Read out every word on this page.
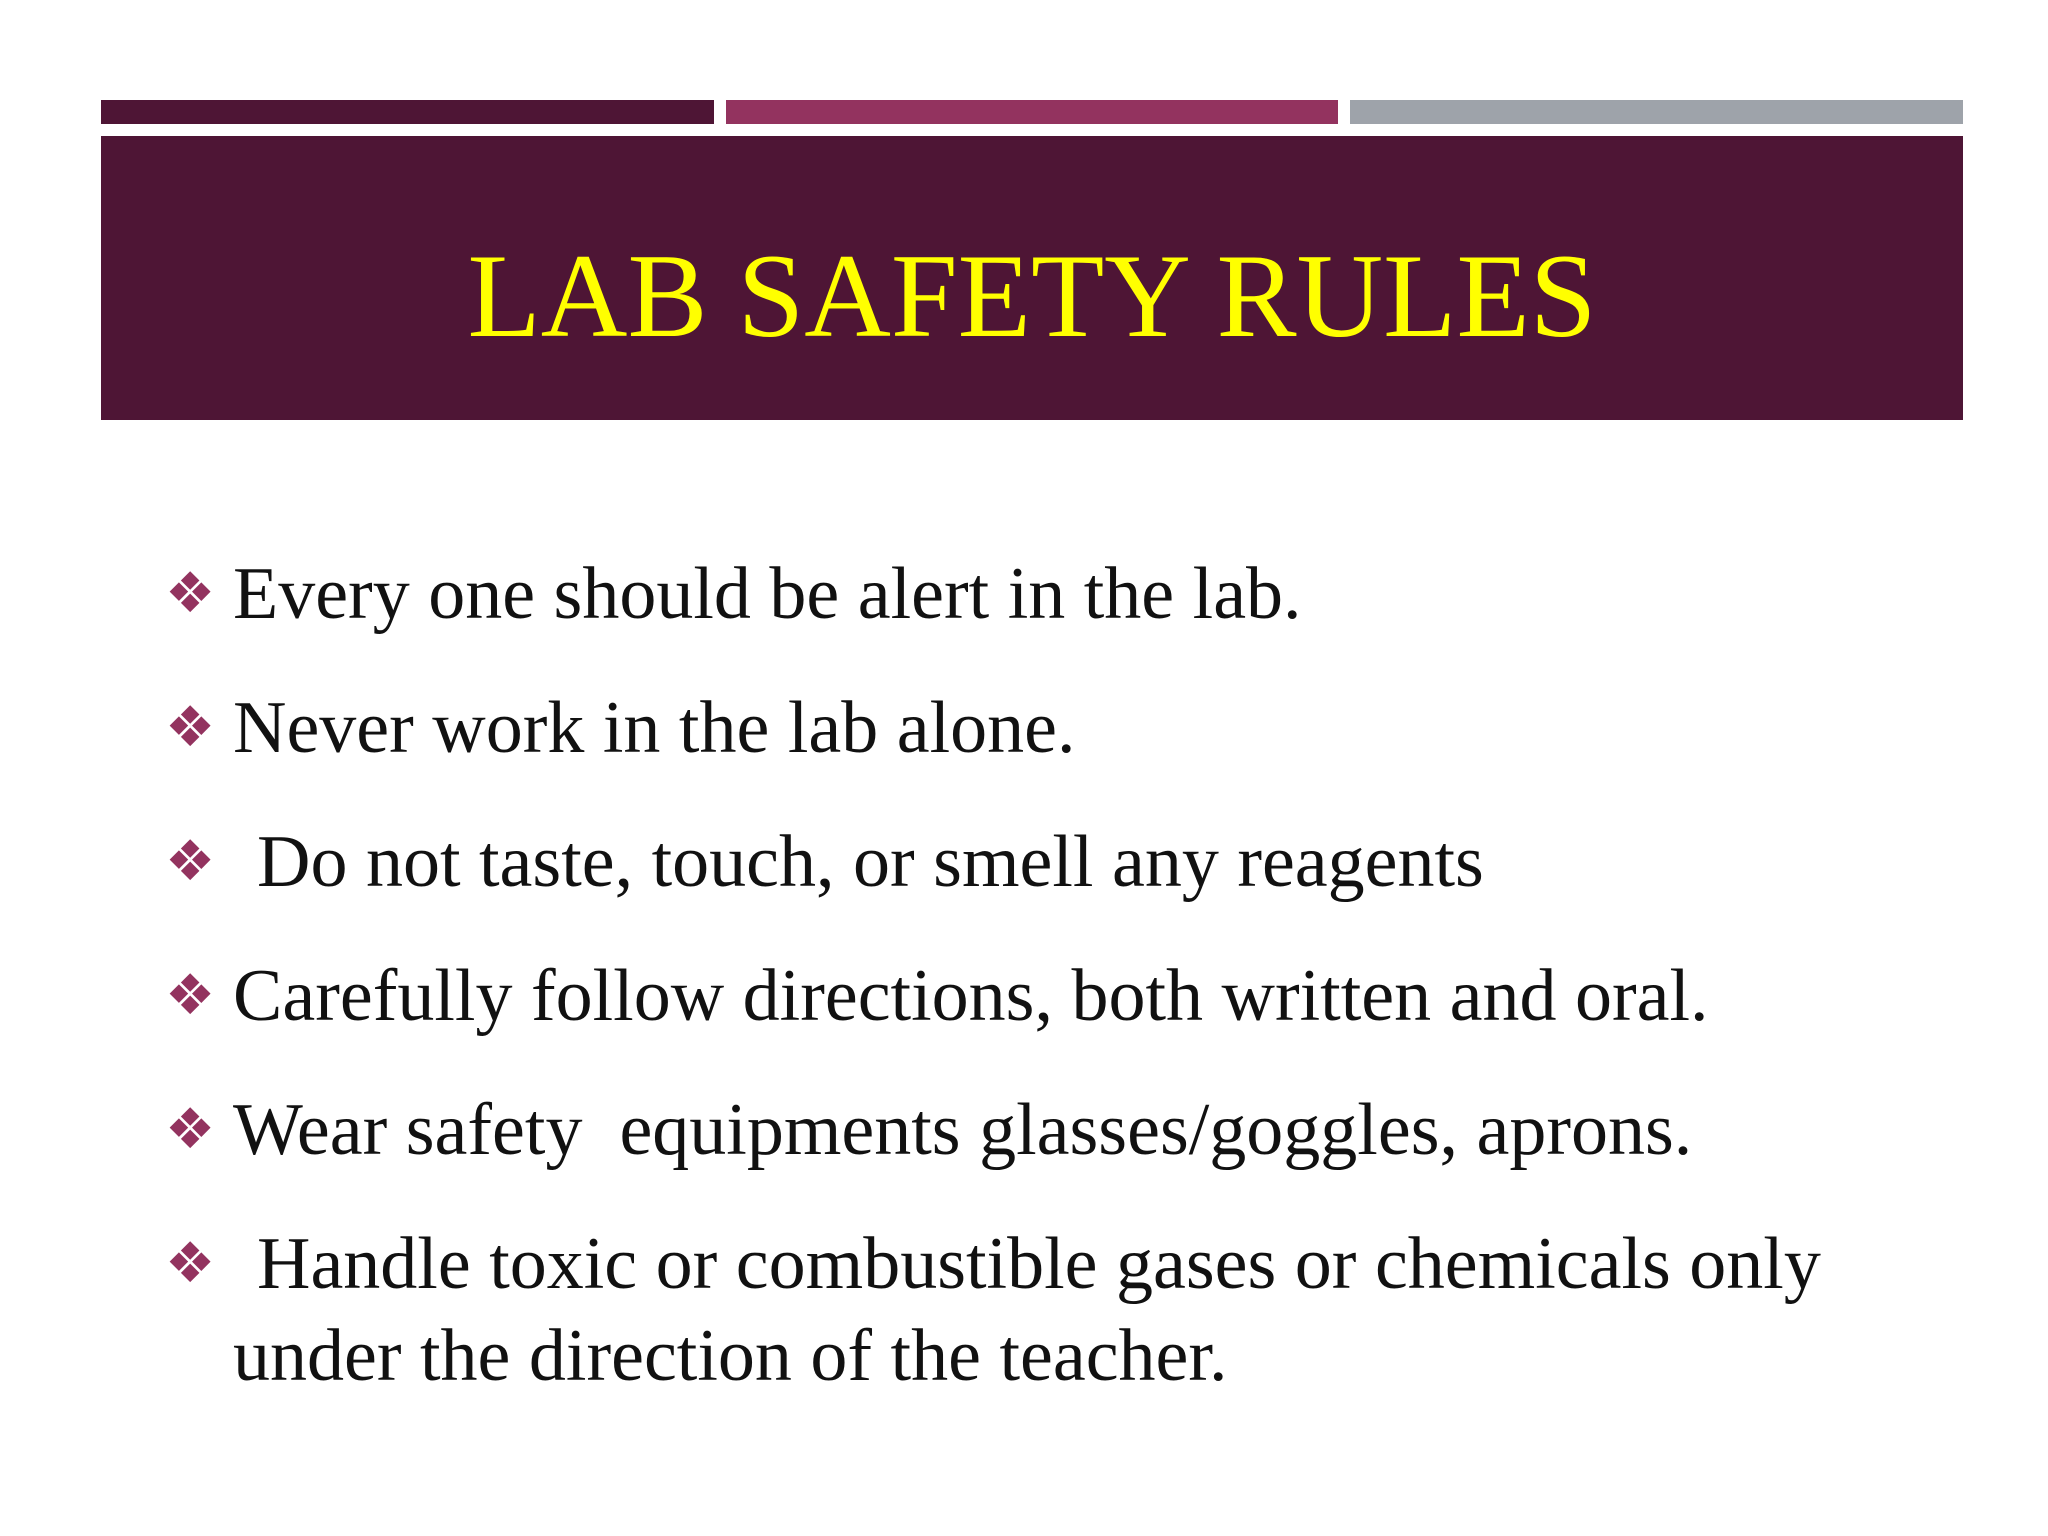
LAB SAFETY RULES
❖ Every one should be alert in the lab.
❖ Never work in the lab alone.
❖ Do not taste, touch, or smell any reagents
❖ Carefully follow directions, both written and oral.
❖ Wear safety  equipments glasses/goggles, aprons.
❖ Handle toxic or combustible gases or chemicals only
under the direction of the teacher.
